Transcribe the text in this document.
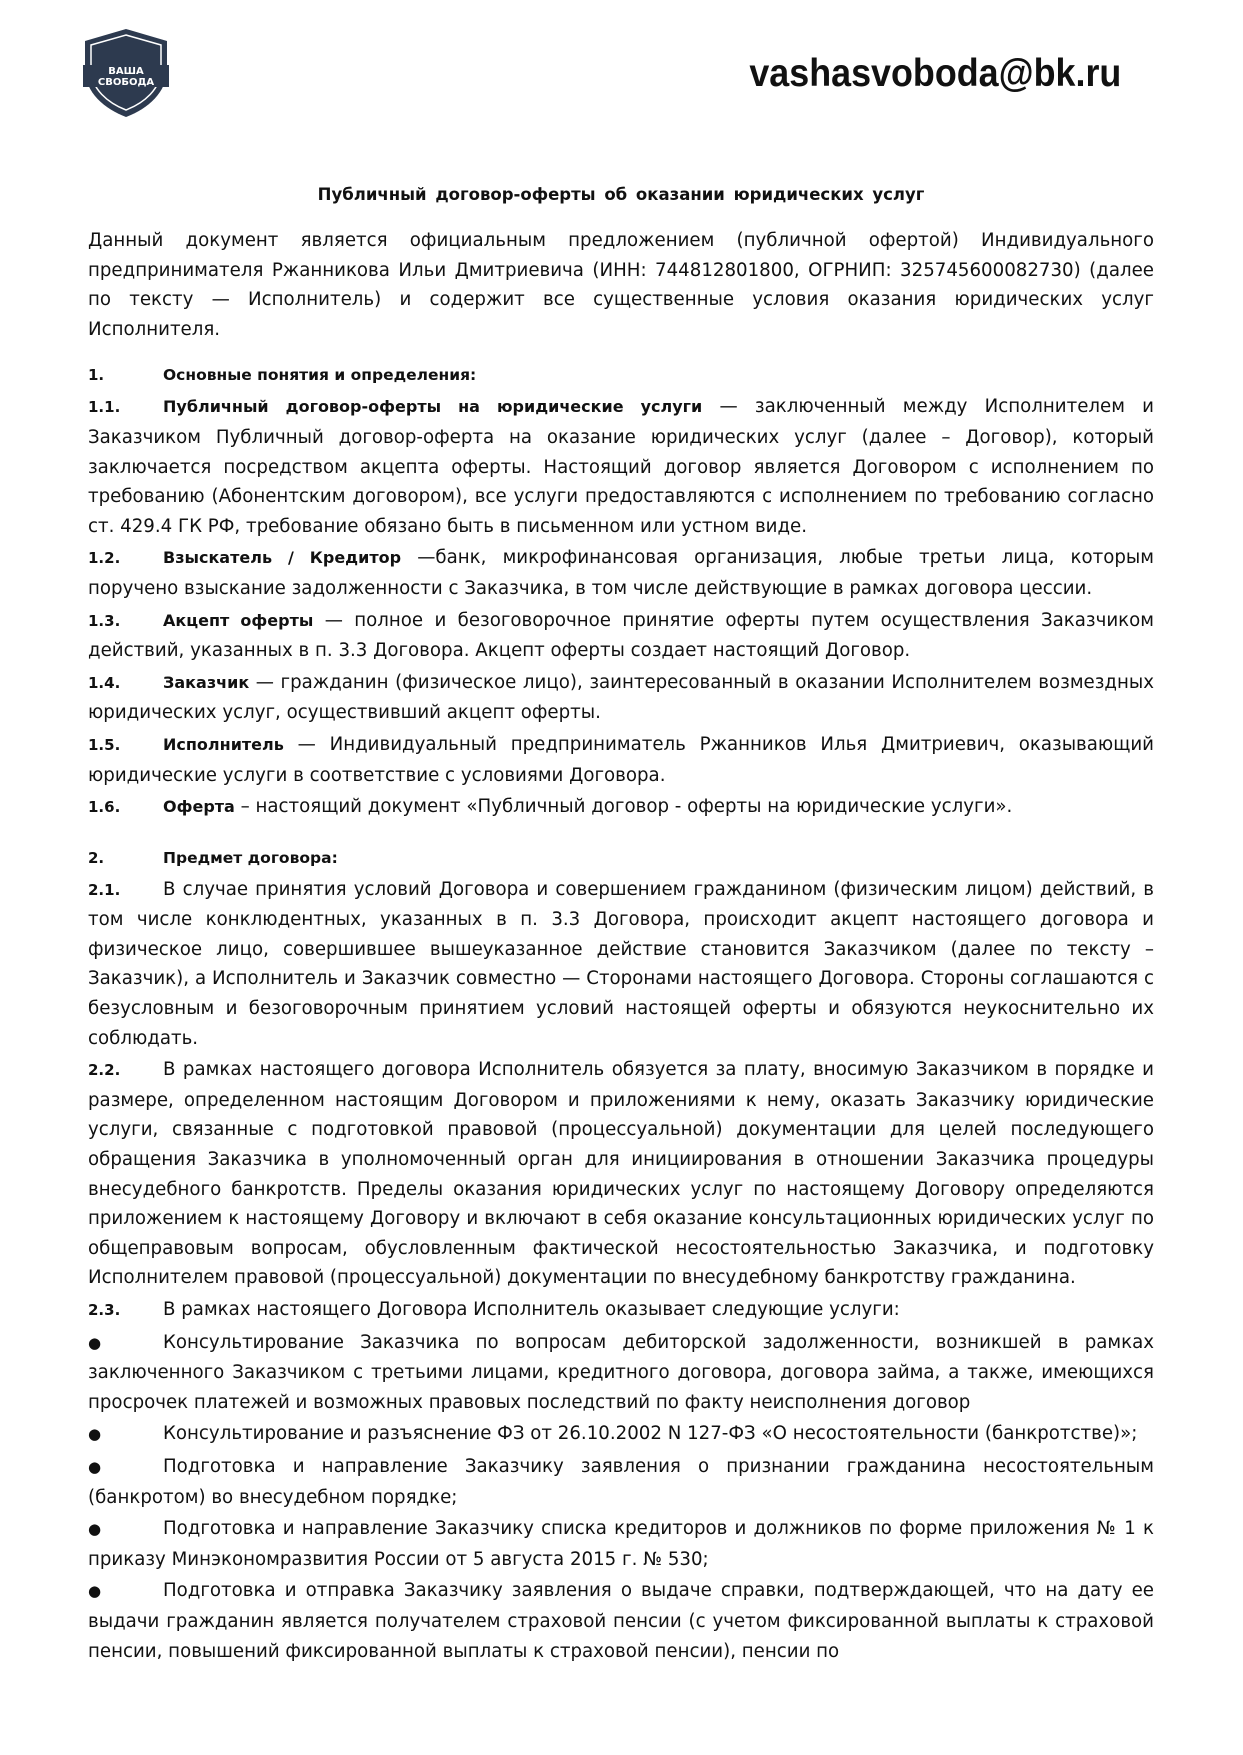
ВАША
СВОБОДА	vashasvoboda@bk.ru
Публичный договор-оферты об оказании юридических услуг

Данный документ является официальным предложением (публичной офертой) Индивидуального предпринимателя Ржанникова Ильи Дмитриевича (ИНН: 744812801800, ОГРНИП: 325745600082730) (далее по тексту — Исполнитель) и содержит все существенные условия оказания юридических услуг Исполнителя.

1.	Основные понятия и определения:

1.1.	Публичный договор-оферты на юридические услуги — заключенный между Исполнителем и Заказчиком Публичный договор-оферта на оказание юридических услуг (далее – Договор), который заключается посредством акцепта оферты. Настоящий договор является Договором с исполнением по требованию (Абонентским договором), все услуги предоставляются с исполнением по требованию согласно ст. 429.4 ГК РФ, требование обязано быть в письменном или устном виде.

1.2.	Взыскатель / Кредитор —банк, микрофинансовая организация, любые третьи лица, которым поручено взыскание задолженности с Заказчика, в том числе действующие в рамках договора цессии.

1.3.	Акцепт оферты — полное и безоговорочное принятие оферты путем осуществления Заказчиком действий, указанных в п. 3.3 Договора. Акцепт оферты создает настоящий Договор.

1.4.	Заказчик — гражданин (физическое лицо), заинтересованный в оказании Исполнителем возмездных юридических услуг, осуществивший акцепт оферты.

1.5.	Исполнитель — Индивидуальный предприниматель Ржанников Илья Дмитриевич, оказывающий юридические услуги в соответствие с условиями Договора.

1.6.	Оферта – настоящий документ «Публичный договор - оферты на юридические услуги».

2.	Предмет договора:

2.1. В случае принятия условий Договора и совершением гражданином (физическим лицом) действий, в том числе конклюдентных, указанных в п. 3.3 Договора, происходит акцепт настоящего договора и физическое лицо, совершившее вышеуказанное действие становится Заказчиком (далее по тексту – Заказчик), а Исполнитель и Заказчик совместно — Сторонами настоящего Договора. Стороны соглашаются с безусловным и безоговорочным принятием условий настоящей оферты и обязуются неукоснительно их соблюдать.

2.2. В рамках настоящего договора Исполнитель обязуется за плату, вносимую Заказчиком в порядке и размере, определенном настоящим Договором и приложениями к нему, оказать Заказчику юридические услуги, связанные с подготовкой правовой (процессуальной) документации для целей последующего обращения Заказчика в уполномоченный орган для инициирования в отношении Заказчика процедуры внесудебного банкротств. Пределы оказания юридических услуг по настоящему Договору определяются приложением к настоящему Договору и включают в себя оказание консультационных юридических услуг по общеправовым вопросам, обусловленным фактической несостоятельностью Заказчика, и подготовку Исполнителем правовой (процессуальной) документации по внесудебному банкротству гражданина.

2.3. В рамках настоящего Договора Исполнитель оказывает следующие услуги:

●	Консультирование Заказчика по вопросам дебиторской задолженности, возникшей в рамках заключенного Заказчиком с третьими лицами, кредитного договора, договора займа, а также, имеющихся просрочек платежей и возможных правовых последствий по факту неисполнения договор

●	Консультирование и разъяснение ФЗ от 26.10.2002 N 127-ФЗ «О несостоятельности (банкротстве)»;

●	Подготовка и направление Заказчику заявления о признании гражданина несостоятельным (банкротом) во внесудебном порядке;

●	Подготовка и направление Заказчику списка кредиторов и должников по форме приложения № 1 к приказу Минэкономразвития России от 5 августа 2015 г. № 530;

●	Подготовка и отправка Заказчику заявления о выдаче справки, подтверждающей, что на дату ее выдачи гражданин является получателем страховой пенсии (с учетом фиксированной выплаты к страховой пенсии, повышений фиксированной выплаты к страховой пенсии), пенсии по
